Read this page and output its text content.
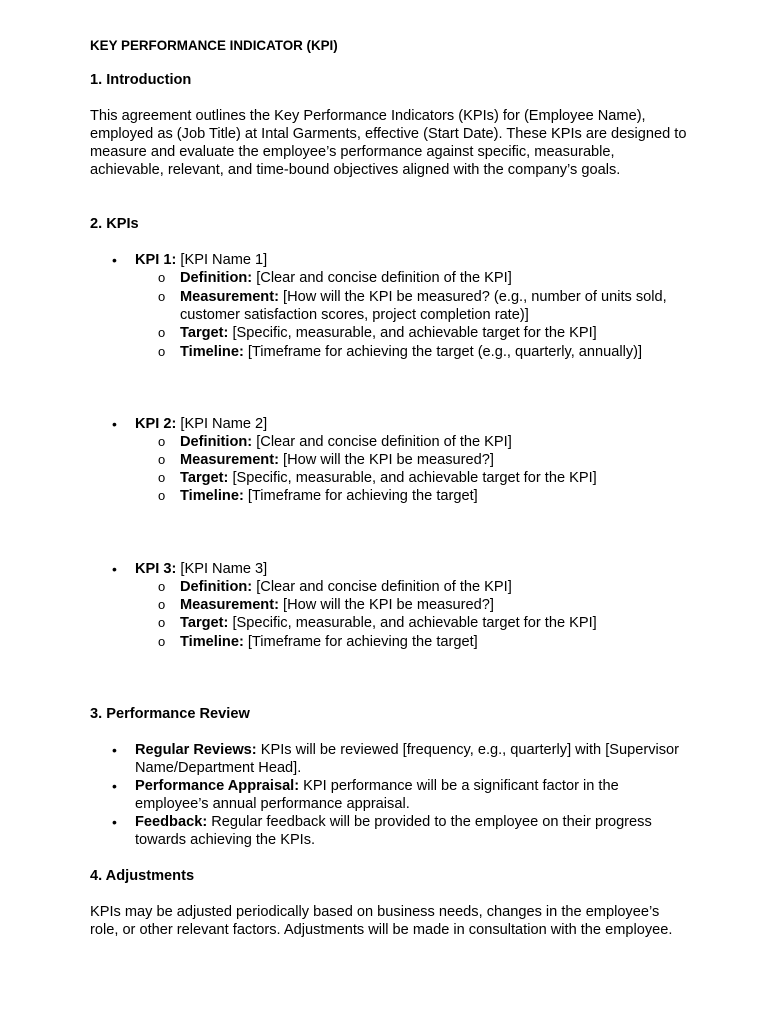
KEY PERFORMANCE INDICATOR (KPI)
1. Introduction
This agreement outlines the Key Performance Indicators (KPIs) for (Employee Name), employed as (Job Title) at Intal Garments, effective (Start Date). These KPIs are designed to measure and evaluate the employee’s performance against specific, measurable, achievable, relevant, and time-bound objectives aligned with the company’s goals.
2. KPIs
• KPI 1: [KPI Name 1]
o Definition: [Clear and concise definition of the KPI]
o Measurement: [How will the KPI be measured? (e.g., number of units sold, customer satisfaction scores, project completion rate)]
o Target: [Specific, measurable, and achievable target for the KPI]
o Timeline: [Timeframe for achieving the target (e.g., quarterly, annually)]
• KPI 2: [KPI Name 2]
o Definition: [Clear and concise definition of the KPI]
o Measurement: [How will the KPI be measured?]
o Target: [Specific, measurable, and achievable target for the KPI]
o Timeline: [Timeframe for achieving the target]
• KPI 3: [KPI Name 3]
o Definition: [Clear and concise definition of the KPI]
o Measurement: [How will the KPI be measured?]
o Target: [Specific, measurable, and achievable target for the KPI]
o Timeline: [Timeframe for achieving the target]
3. Performance Review
• Regular Reviews: KPIs will be reviewed [frequency, e.g., quarterly] with [Supervisor Name/Department Head].
• Performance Appraisal: KPI performance will be a significant factor in the employee’s annual performance appraisal.
• Feedback: Regular feedback will be provided to the employee on their progress towards achieving the KPIs.
4. Adjustments
KPIs may be adjusted periodically based on business needs, changes in the employee’s role, or other relevant factors. Adjustments will be made in consultation with the employee.
